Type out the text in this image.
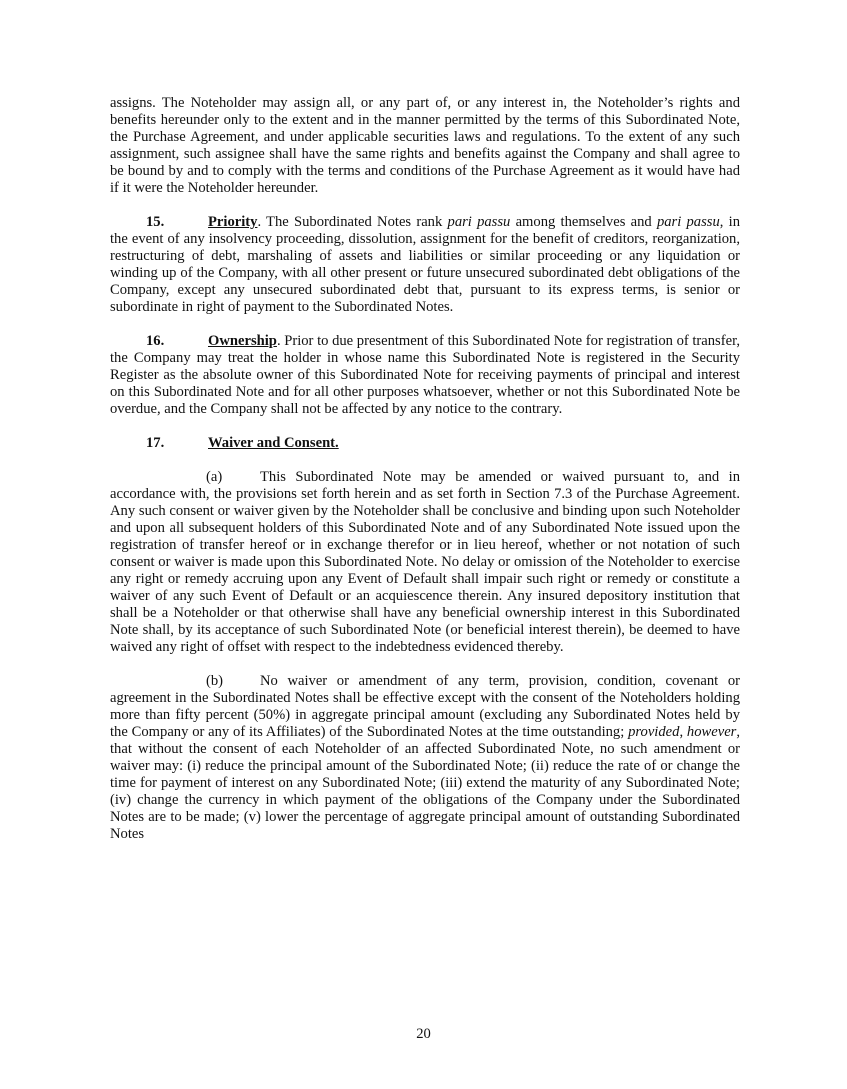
assigns. The Noteholder may assign all, or any part of, or any interest in, the Noteholder’s rights and benefits hereunder only to the extent and in the manner permitted by the terms of this Subordinated Note, the Purchase Agreement, and under applicable securities laws and regulations. To the extent of any such assignment, such assignee shall have the same rights and benefits against the Company and shall agree to be bound by and to comply with the terms and conditions of the Purchase Agreement as it would have had if it were the Noteholder hereunder.

15.	Priority. The Subordinated Notes rank pari passu among themselves and pari passu, in the event of any insolvency proceeding, dissolution, assignment for the benefit of creditors, reorganization, restructuring of debt, marshaling of assets and liabilities or similar proceeding or any liquidation or winding up of the Company, with all other present or future unsecured subordinated debt obligations of the Company, except any unsecured subordinated debt that, pursuant to its express terms, is senior or subordinate in right of payment to the Subordinated Notes.

16.	Ownership. Prior to due presentment of this Subordinated Note for registration of transfer, the Company may treat the holder in whose name this Subordinated Note is registered in the Security Register as the absolute owner of this Subordinated Note for receiving payments of principal and interest on this Subordinated Note and for all other purposes whatsoever, whether or not this Subordinated Note be overdue, and the Company shall not be affected by any notice to the contrary.

17.	Waiver and Consent.

(a)	This Subordinated Note may be amended or waived pursuant to, and in accordance with, the provisions set forth herein and as set forth in Section 7.3 of the Purchase Agreement. Any such consent or waiver given by the Noteholder shall be conclusive and binding upon such Noteholder and upon all subsequent holders of this Subordinated Note and of any Subordinated Note issued upon the registration of transfer hereof or in exchange therefor or in lieu hereof, whether or not notation of such consent or waiver is made upon this Subordinated Note. No delay or omission of the Noteholder to exercise any right or remedy accruing upon any Event of Default shall impair such right or remedy or constitute a waiver of any such Event of Default or an acquiescence therein. Any insured depository institution that shall be a Noteholder or that otherwise shall have any beneficial ownership interest in this Subordinated Note shall, by its acceptance of such Subordinated Note (or beneficial interest therein), be deemed to have waived any right of offset with respect to the indebtedness evidenced thereby.

(b)	No waiver or amendment of any term, provision, condition, covenant or agreement in the Subordinated Notes shall be effective except with the consent of the Noteholders holding more than fifty percent (50%) in aggregate principal amount (excluding any Subordinated Notes held by the Company or any of its Affiliates) of the Subordinated Notes at the time outstanding; provided, however, that without the consent of each Noteholder of an affected Subordinated Note, no such amendment or waiver may: (i) reduce the principal amount of the Subordinated Note; (ii) reduce the rate of or change the time for payment of interest on any Subordinated Note; (iii) extend the maturity of any Subordinated Note; (iv) change the currency in which payment of the obligations of the Company under the Subordinated Notes are to be made; (v) lower the percentage of aggregate principal amount of outstanding Subordinated Notes

20
